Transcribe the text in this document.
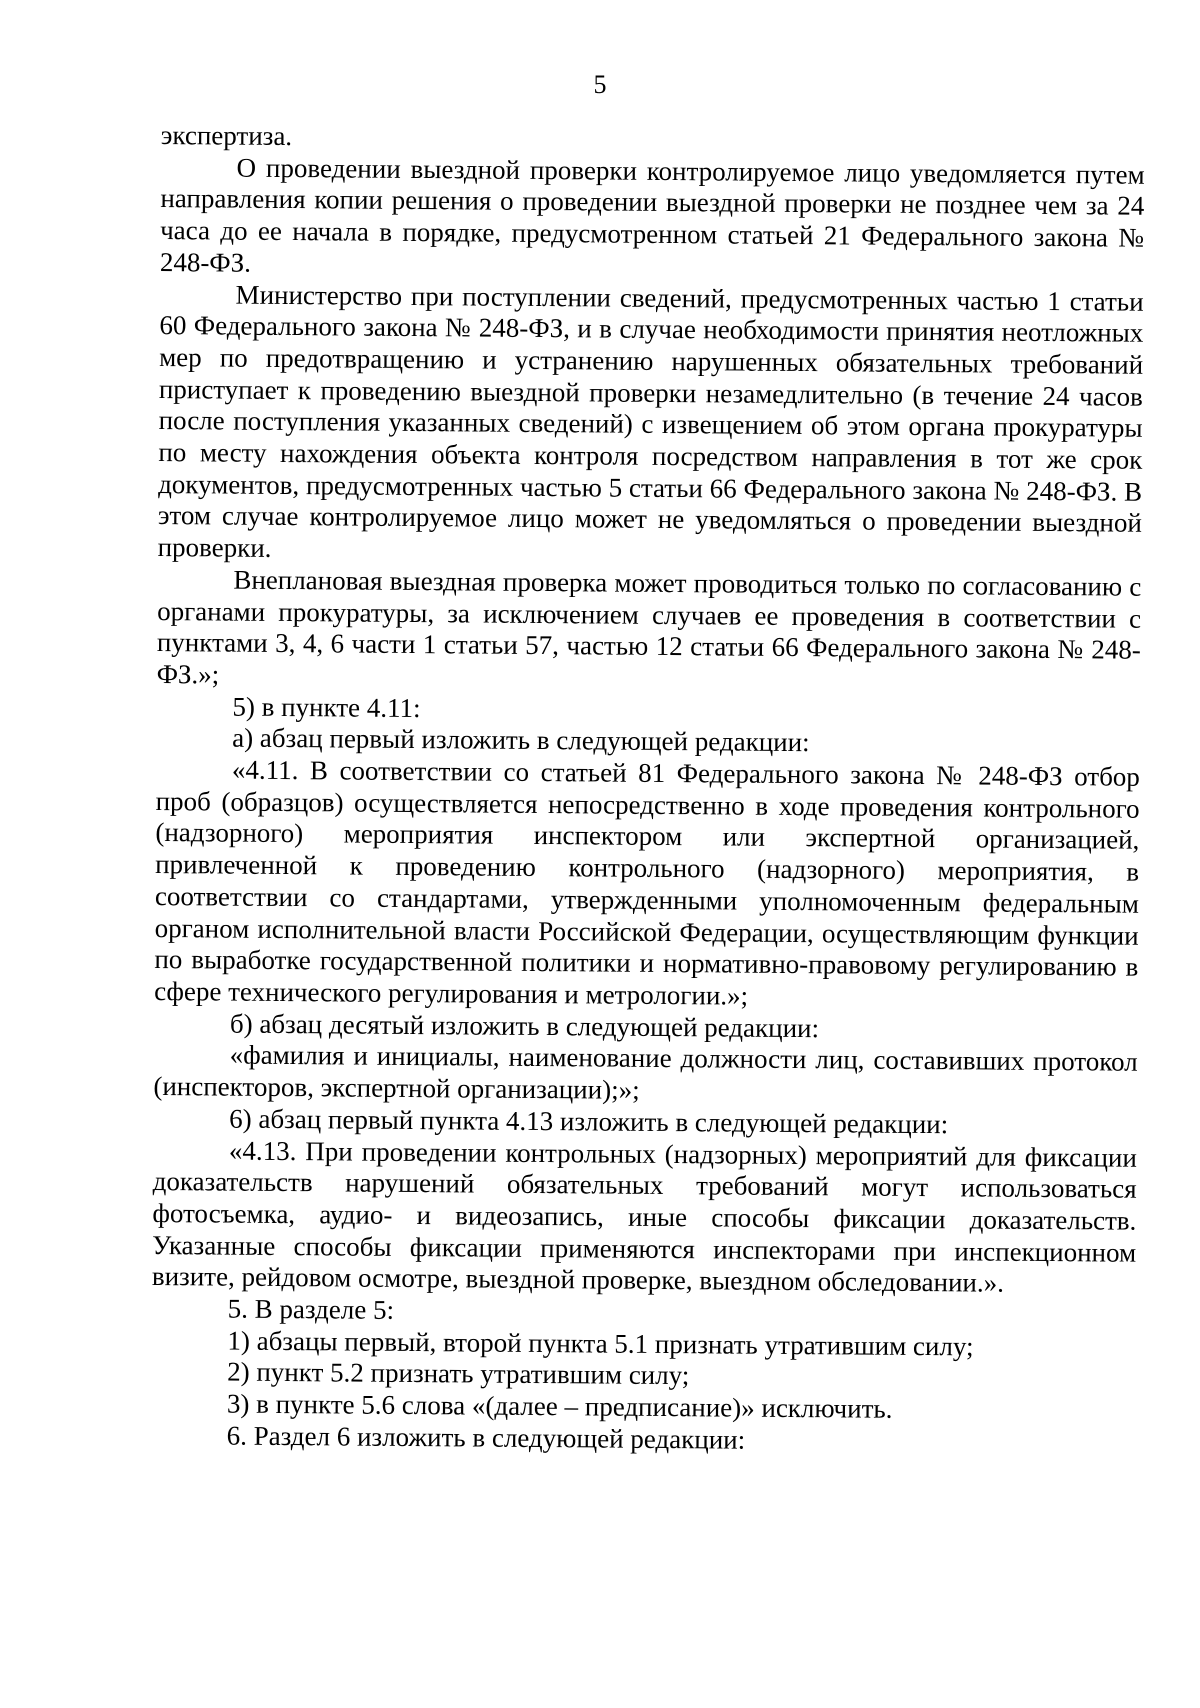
5

экспертиза.

О проведении выездной проверки контролируемое лицо уведомляется путем направления копии решения о проведении выездной проверки не позднее чем за 24 часа до ее начала в порядке, предусмотренном статьей 21 Федерального закона № 248-ФЗ.

Министерство при поступлении сведений, предусмотренных частью 1 статьи 60 Федерального закона № 248-ФЗ, и в случае необходимости принятия неотложных мер по предотвращению и устранению нарушенных обязательных требований приступает к проведению выездной проверки незамедлительно (в течение 24 часов после поступления указанных сведений) с извещением об этом органа прокуратуры по месту нахождения объекта контроля посредством направления в тот же срок документов, предусмотренных частью 5 статьи 66 Федерального закона № 248-ФЗ. В этом случае контролируемое лицо может не уведомляться о проведении выездной проверки.

Внеплановая выездная проверка может проводиться только по согласованию с органами прокуратуры, за исключением случаев ее проведения в соответствии с пунктами 3, 4, 6 части 1 статьи 57, частью 12 статьи 66 Федерального закона № 248-ФЗ.»;

5) в пункте 4.11:

а) абзац первый изложить в следующей редакции:

«4.11. В соответствии со статьей 81 Федерального закона № 248-ФЗ отбор проб (образцов) осуществляется непосредственно в ходе проведения контрольного (надзорного) мероприятия инспектором или экспертной организацией, привлеченной к проведению контрольного (надзорного) мероприятия, в соответствии со стандартами, утвержденными уполномоченным федеральным органом исполнительной власти Российской Федерации, осуществляющим функции по выработке государственной политики и нормативно-правовому регулированию в сфере технического регулирования и метрологии.»;

б) абзац десятый изложить в следующей редакции:

«фамилия и инициалы, наименование должности лиц, составивших протокол (инспекторов, экспертной организации);»;

6) абзац первый пункта 4.13 изложить в следующей редакции:

«4.13. При проведении контрольных (надзорных) мероприятий для фиксации доказательств нарушений обязательных требований могут использоваться фотосъемка, аудио- и видеозапись, иные способы фиксации доказательств. Указанные способы фиксации применяются инспекторами при инспекционном визите, рейдовом осмотре, выездной проверке, выездном обследовании.».

5. В разделе 5:

1) абзацы первый, второй пункта 5.1 признать утратившим силу;

2) пункт 5.2 признать утратившим силу;

3) в пункте 5.6 слова «(далее – предписание)» исключить.

6. Раздел 6 изложить в следующей редакции:
